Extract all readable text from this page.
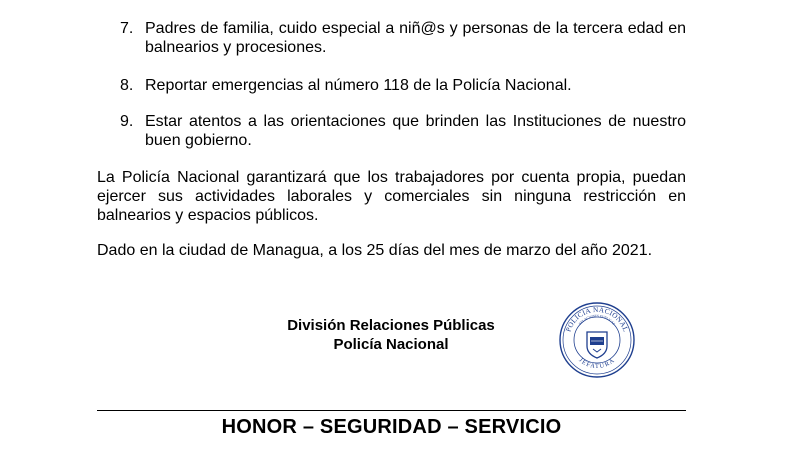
7. Padres de familia, cuido especial a niñ@s y personas de la tercera edad en balnearios y procesiones.
8. Reportar emergencias al número 118 de la Policía Nacional.
9. Estar atentos a las orientaciones que brinden las Instituciones de nuestro buen gobierno.

La Policía Nacional garantizará que los trabajadores por cuenta propia, puedan ejercer sus actividades laborales y comerciales sin ninguna restricción en balnearios y espacios públicos.

Dado en la ciudad de Managua, a los 25 días del mes de marzo del año 2021.

División Relaciones Públicas
Policía Nacional
POLICIA NACIONAL
RELACIONES PUBLICAS
JEFATURA
HONOR – SEGURIDAD – SERVICIO
